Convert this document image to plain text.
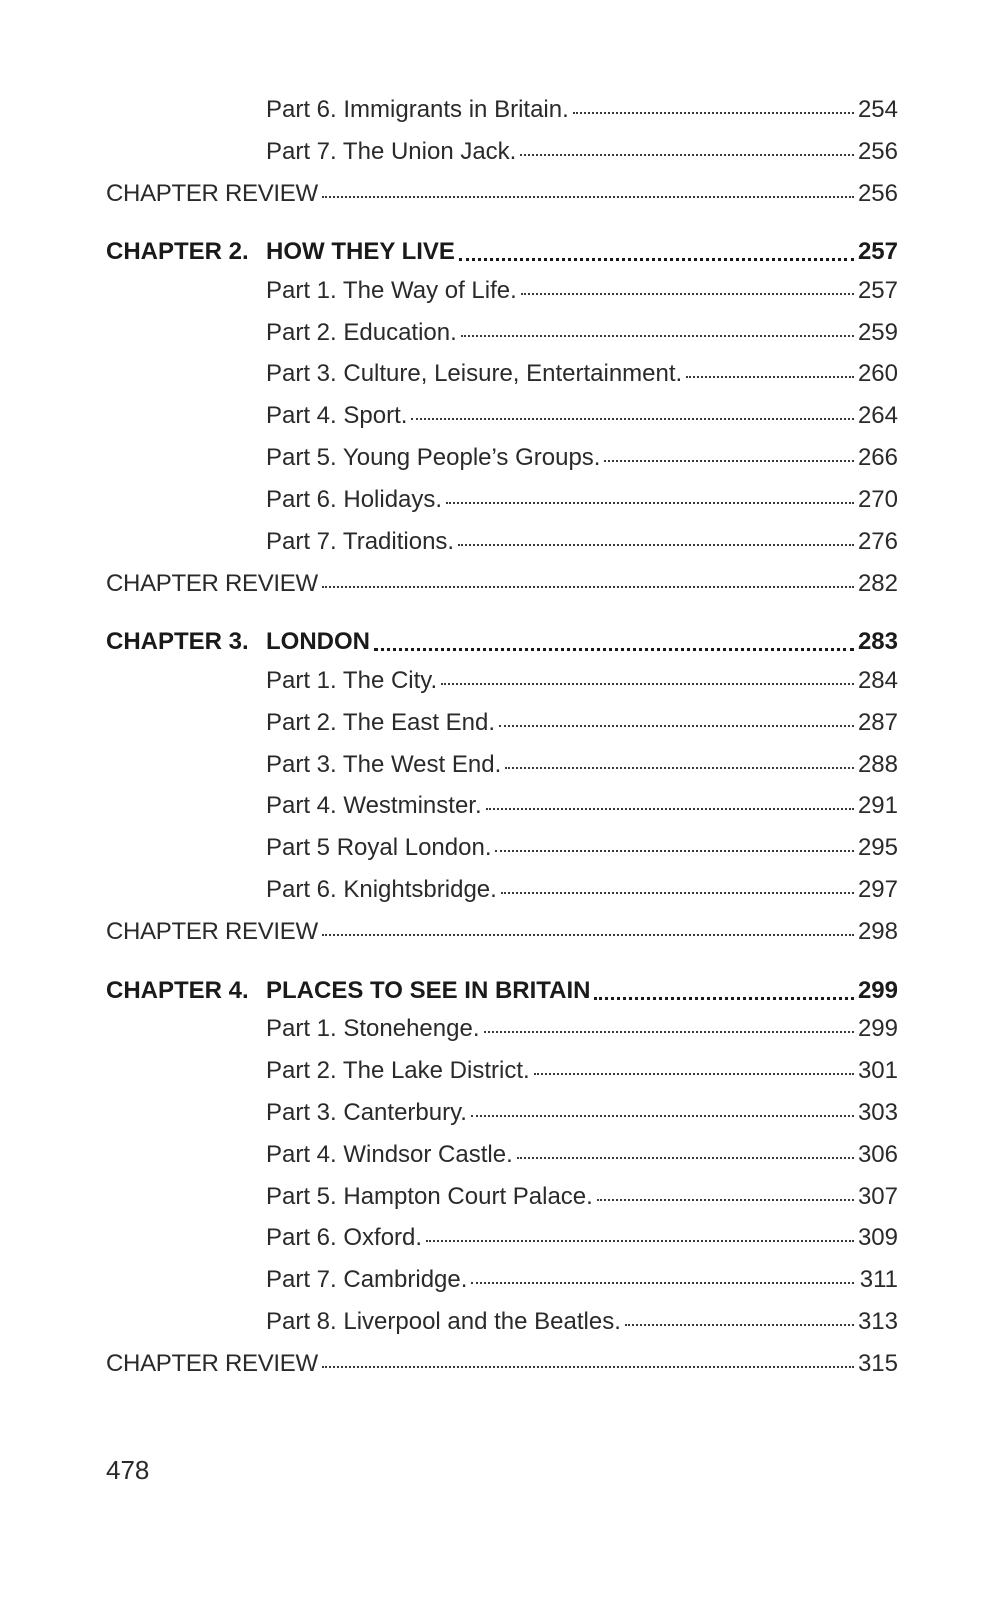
Part 6. Immigrants in Britain.	254
Part 7. The Union Jack.	256
CHAPTER REVIEW	256
CHAPTER 2. HOW THEY LIVE	257
Part 1. The Way of Life.	257
Part 2. Education.	259
Part 3. Culture, Leisure, Entertainment.	260
Part 4. Sport.	264
Part 5. Young People’s Groups.	266
Part 6. Holidays.	270
Part 7. Traditions.	276
CHAPTER REVIEW	282
CHAPTER 3. LONDON	283
Part 1. The City.	284
Part 2. The East End.	287
Part 3. The West End.	288
Part 4. Westminster.	291
Part 5 Royal London.	295
Part 6. Knightsbridge.	297
CHAPTER REVIEW	298
CHAPTER 4. PLACES TO SEE IN BRITAIN	299
Part 1. Stonehenge.	299
Part 2. The Lake District.	301
Part 3. Canterbury.	303
Part 4. Windsor Castle.	306
Part 5. Hampton Court Palace.	307
Part 6. Oxford.	309
Part 7. Cambridge.	311
Part 8. Liverpool and the Beatles.	313
CHAPTER REVIEW	315
478
